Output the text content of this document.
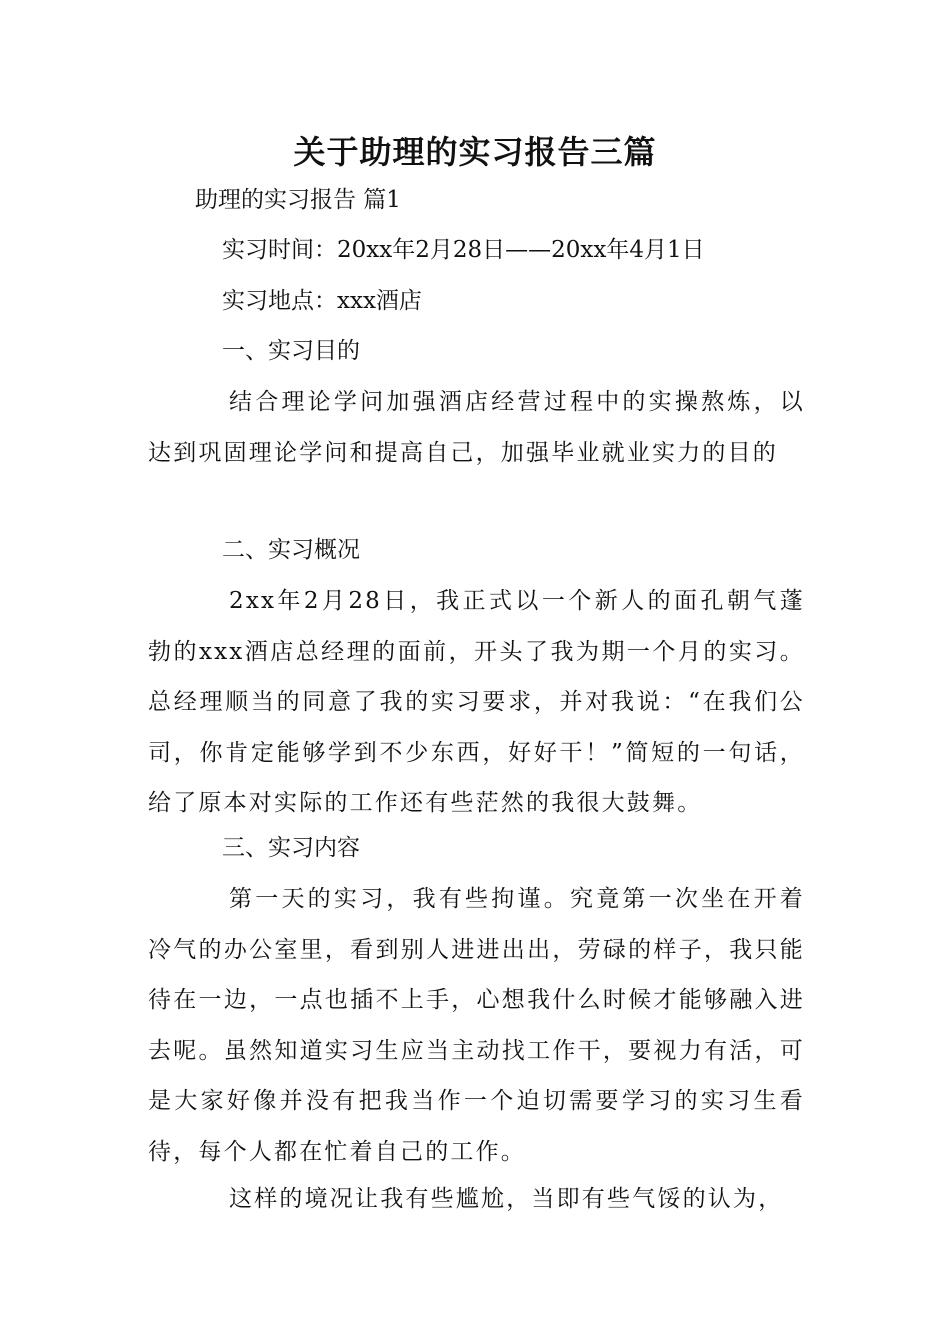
关于助理的实习报告三篇

助理的实习报告 篇1

实习时间：20xx年2月28日——20xx年4月1日

实习地点：xxx酒店

一、实习目的

结合理论学问加强酒店经营过程中的实操熬炼，以达到巩固理论学问和提高自己，加强毕业就业实力的目的

二、实习概况

2xx年2月28日，我正式以一个新人的面孔朝气蓬勃的xxx酒店总经理的面前，开头了我为期一个月的实习。总经理顺当的同意了我的实习要求，并对我说：“在我们公司，你肯定能够学到不少东西，好好干！”简短的一句话，给了原本对实际的工作还有些茫然的我很大鼓舞。

三、实习内容

第一天的实习，我有些拘谨。究竟第一次坐在开着冷气的办公室里，看到别人进进出出，劳碌的样子，我只能待在一边，一点也插不上手，心想我什么时候才能够融入进去呢。虽然知道实习生应当主动找工作干，要视力有活，可是大家好像并没有把我当作一个迫切需要学习的实习生看待，每个人都在忙着自己的工作。

这样的境况让我有些尴尬，当即有些气馁的认为，
